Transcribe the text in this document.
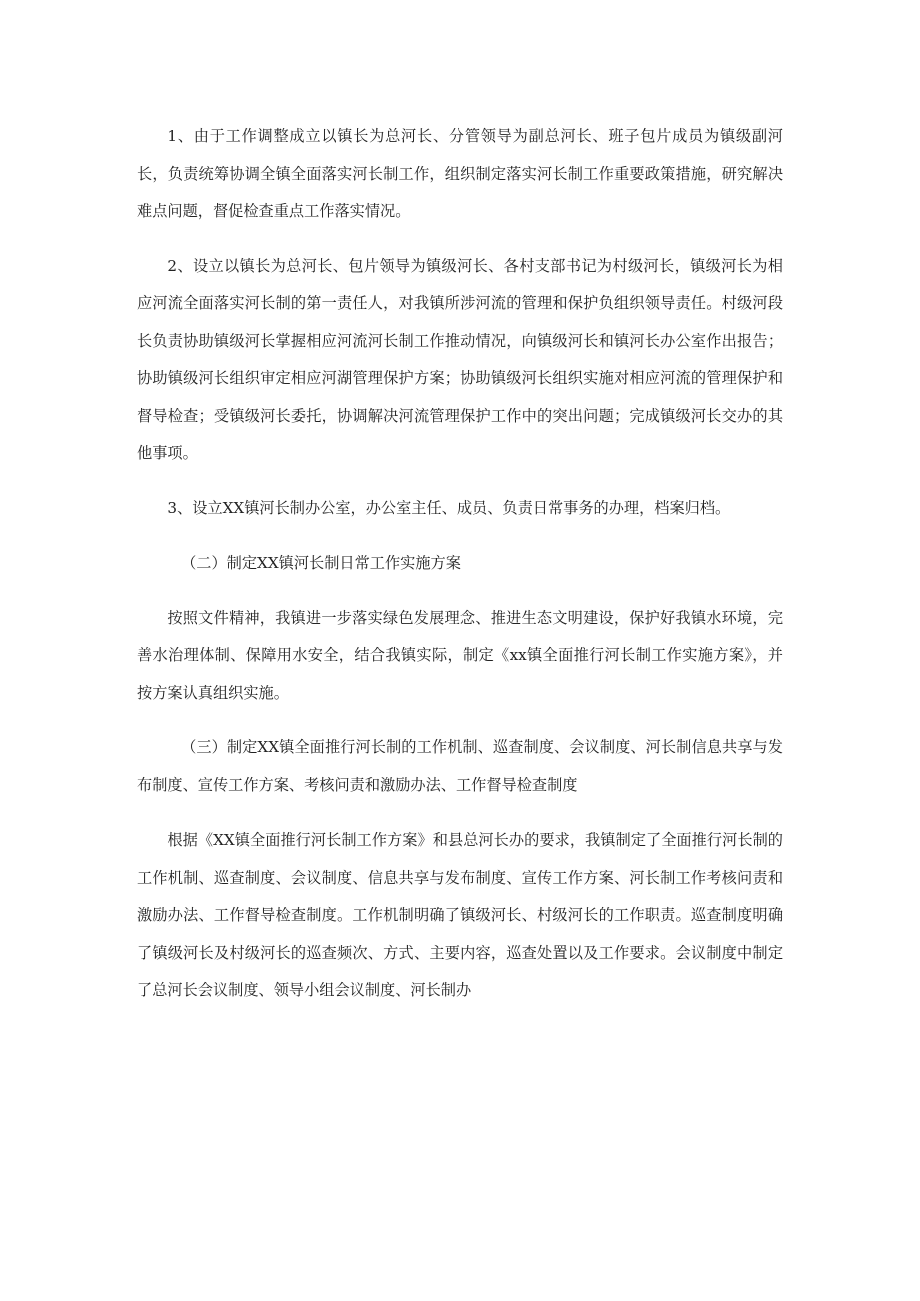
1、由于工作调整成立以镇长为总河长、分管领导为副总河长、班子包片成员为镇级副河长，负责统筹协调全镇全面落实河长制工作，组织制定落实河长制工作重要政策措施，研究解决难点问题，督促检查重点工作落实情况。

2、设立以镇长为总河长、包片领导为镇级河长、各村支部书记为村级河长，镇级河长为相应河流全面落实河长制的第一责任人，对我镇所涉河流的管理和保护负组织领导责任。村级河段长负责协助镇级河长掌握相应河流河长制工作推动情况，向镇级河长和镇河长办公室作出报告；协助镇级河长组织审定相应河湖管理保护方案；协助镇级河长组织实施对相应河流的管理保护和督导检查；受镇级河长委托，协调解决河流管理保护工作中的突出问题；完成镇级河长交办的其他事项。

3、设立XX镇河长制办公室，办公室主任、成员、负责日常事务的办理，档案归档。

（二）制定XX镇河长制日常工作实施方案

按照文件精神，我镇进一步落实绿色发展理念、推进生态文明建设，保护好我镇水环境，完善水治理体制、保障用水安全，结合我镇实际，制定《xx镇全面推行河长制工作实施方案》，并按方案认真组织实施。

（三）制定XX镇全面推行河长制的工作机制、巡查制度、会议制度、河长制信息共享与发布制度、宣传工作方案、考核问责和激励办法、工作督导检查制度

根据《XX镇全面推行河长制工作方案》和县总河长办的要求，我镇制定了全面推行河长制的工作机制、巡查制度、会议制度、信息共享与发布制度、宣传工作方案、河长制工作考核问责和激励办法、工作督导检查制度。工作机制明确了镇级河长、村级河长的工作职责。巡查制度明确了镇级河长及村级河长的巡查频次、方式、主要内容，巡查处置以及工作要求。会议制度中制定了总河长会议制度、领导小组会议制度、河长制办
